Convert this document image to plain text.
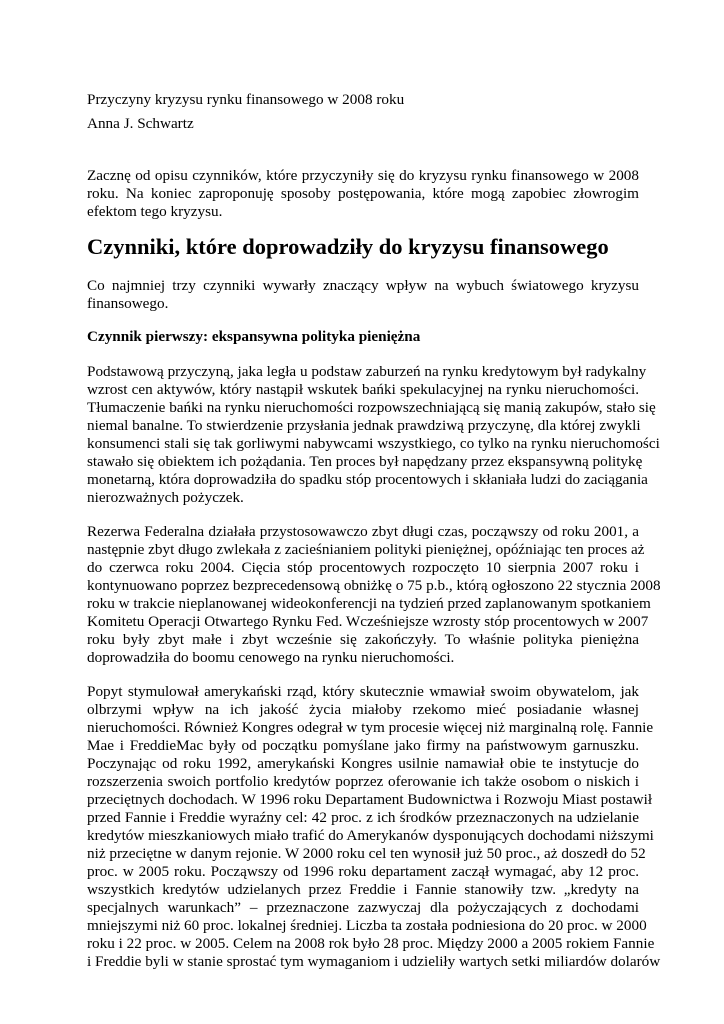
Przyczyny kryzysu rynku finansowego w 2008 roku
Anna J. Schwartz
Zacznę od opisu czynników, które przyczyniły się do kryzysu rynku finansowego w 2008
roku. Na koniec zaproponuję sposoby postępowania, które mogą zapobiec złowrogim
efektom tego kryzysu.
Czynniki, które doprowadziły do kryzysu finansowego
Co najmniej trzy czynniki wywarły znaczący wpływ na wybuch światowego kryzysu
finansowego.
Czynnik pierwszy: ekspansywna polityka pieniężna
Podstawową przyczyną, jaka legła u podstaw zaburzeń na rynku kredytowym był radykalny
wzrost cen aktywów, który nastąpił wskutek bańki spekulacyjnej na rynku nieruchomości.
Tłumaczenie bańki na rynku nieruchomości rozpowszechniającą się manią zakupów, stało się
niemal banalne. To stwierdzenie przysłania jednak prawdziwą przyczynę, dla której zwykli
konsumenci stali się tak gorliwymi nabywcami wszystkiego, co tylko na rynku nieruchomości
stawało się obiektem ich pożądania. Ten proces był napędzany przez ekspansywną politykę
monetarną, która doprowadziła do spadku stóp procentowych i skłaniała ludzi do zaciągania
nierozważnych pożyczek.
Rezerwa Federalna działała przystosowawczo zbyt długi czas, począwszy od roku 2001, a
następnie zbyt długo zwlekała z zacieśnianiem polityki pieniężnej, opóźniając ten proces aż
do czerwca roku 2004. Cięcia stóp procentowych rozpoczęto 10 sierpnia 2007 roku i
kontynuowano poprzez bezprecedensową obniżkę o 75 p.b., którą ogłoszono 22 stycznia 2008
roku w trakcie nieplanowanej wideokonferencji na tydzień przed zaplanowanym spotkaniem
Komitetu Operacji Otwartego Rynku Fed. Wcześniejsze wzrosty stóp procentowych w 2007
roku były zbyt małe i zbyt wcześnie się zakończyły. To właśnie polityka pieniężna
doprowadziła do boomu cenowego na rynku nieruchomości.
Popyt stymulował amerykański rząd, który skutecznie wmawiał swoim obywatelom, jak
olbrzymi wpływ na ich jakość życia miałoby rzekomo mieć posiadanie własnej
nieruchomości. Również Kongres odegrał w tym procesie więcej niż marginalną rolę. Fannie
Mae i FreddieMac były od początku pomyślane jako firmy na państwowym garnuszku.
Poczynając od roku 1992, amerykański Kongres usilnie namawiał obie te instytucje do
rozszerzenia swoich portfolio kredytów poprzez oferowanie ich także osobom o niskich i
przeciętnych dochodach. W 1996 roku Departament Budownictwa i Rozwoju Miast postawił
przed Fannie i Freddie wyraźny cel: 42 proc. z ich środków przeznaczonych na udzielanie
kredytów mieszkaniowych miało trafić do Amerykanów dysponujących dochodami niższymi
niż przeciętne w danym rejonie. W 2000 roku cel ten wynosił już 50 proc., aż doszedł do 52
proc. w 2005 roku. Począwszy od 1996 roku departament zaczął wymagać, aby 12 proc.
wszystkich kredytów udzielanych przez Freddie i Fannie stanowiły tzw. „kredyty na
specjalnych warunkach” – przeznaczone zazwyczaj dla pożyczających z dochodami
mniejszymi niż 60 proc. lokalnej średniej. Liczba ta została podniesiona do 20 proc. w 2000
roku i 22 proc. w 2005. Celem na 2008 rok było 28 proc. Między 2000 a 2005 rokiem Fannie
i Freddie byli w stanie sprostać tym wymaganiom i udzieliły wartych setki miliardów dolarów
